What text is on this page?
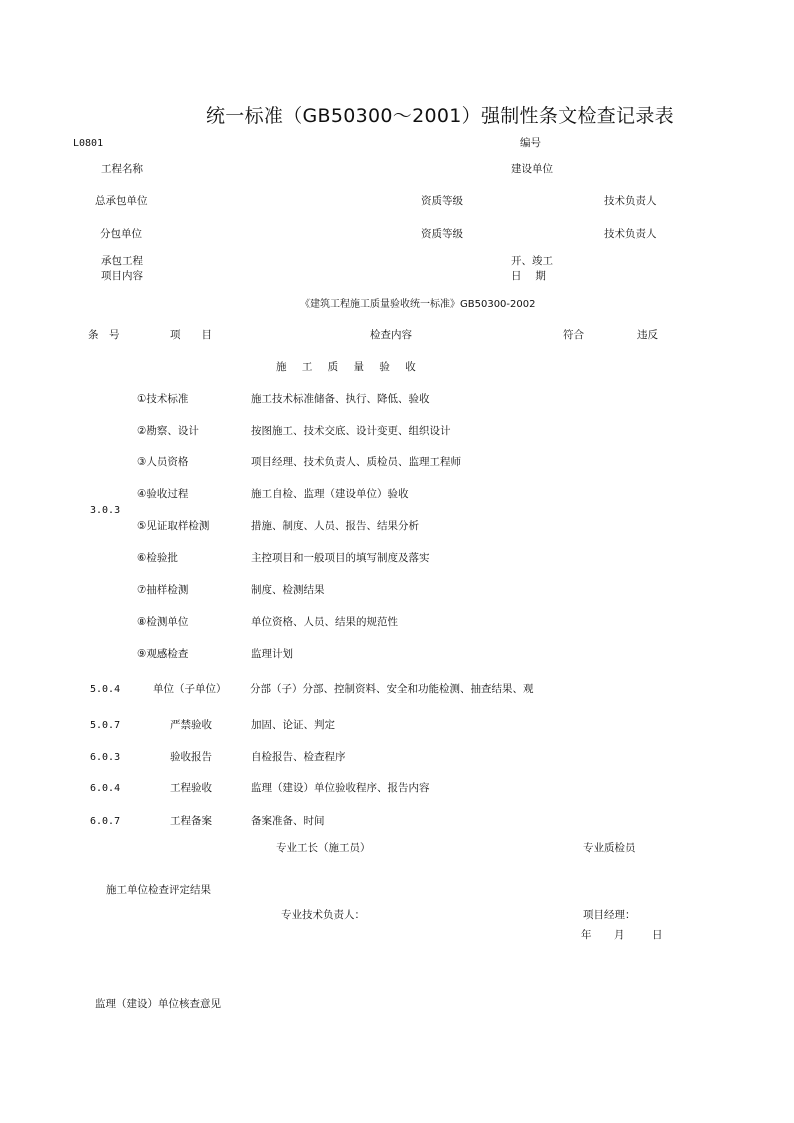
统一标准（GB50300～2001）强制性条文检查记录表
L0801	编号
工程名称	建设单位
总承包单位	资质等级	技术负责人
分包单位	资质等级	技术负责人
承包工程
项目内容
开、竣工
日　 期
《建筑工程施工质量验收统一标准》GB50300-2002
条　号	项　　目	检查内容	符合	违反
施 工 质 量 验 收
3.0.3
①技术标准	施工技术标准储备、执行、降低、验收
②勘察、设计	按图施工、技术交底、设计变更、组织设计
③人员资格	项目经理、技术负责人、质检员、监理工程师
④验收过程	施工自检、监理（建设单位）验收
⑤见证取样检测	措施、制度、人员、报告、结果分析
⑥检验批	主控项目和一般项目的填写制度及落实
⑦抽样检测	制度、检测结果
⑧检测单位	单位资格、人员、结果的规范性
⑨观感检查	监理计划
5.0.4	单位（子单位） 分部（子）分部、控制资料、安全和功能检测、抽查结果、观
5.0.7	严禁验收	加固、论证、判定
6.0.3	验收报告	自检报告、检查程序
6.0.4	工程验收	监理（建设）单位验收程序、报告内容
6.0.7	工程备案	备案准备、时间
专业工长（施工员）	专业质检员
施工单位检查评定结果
专业技术负责人：	项目经理：
年 月	日
监理（建设）单位核查意见
